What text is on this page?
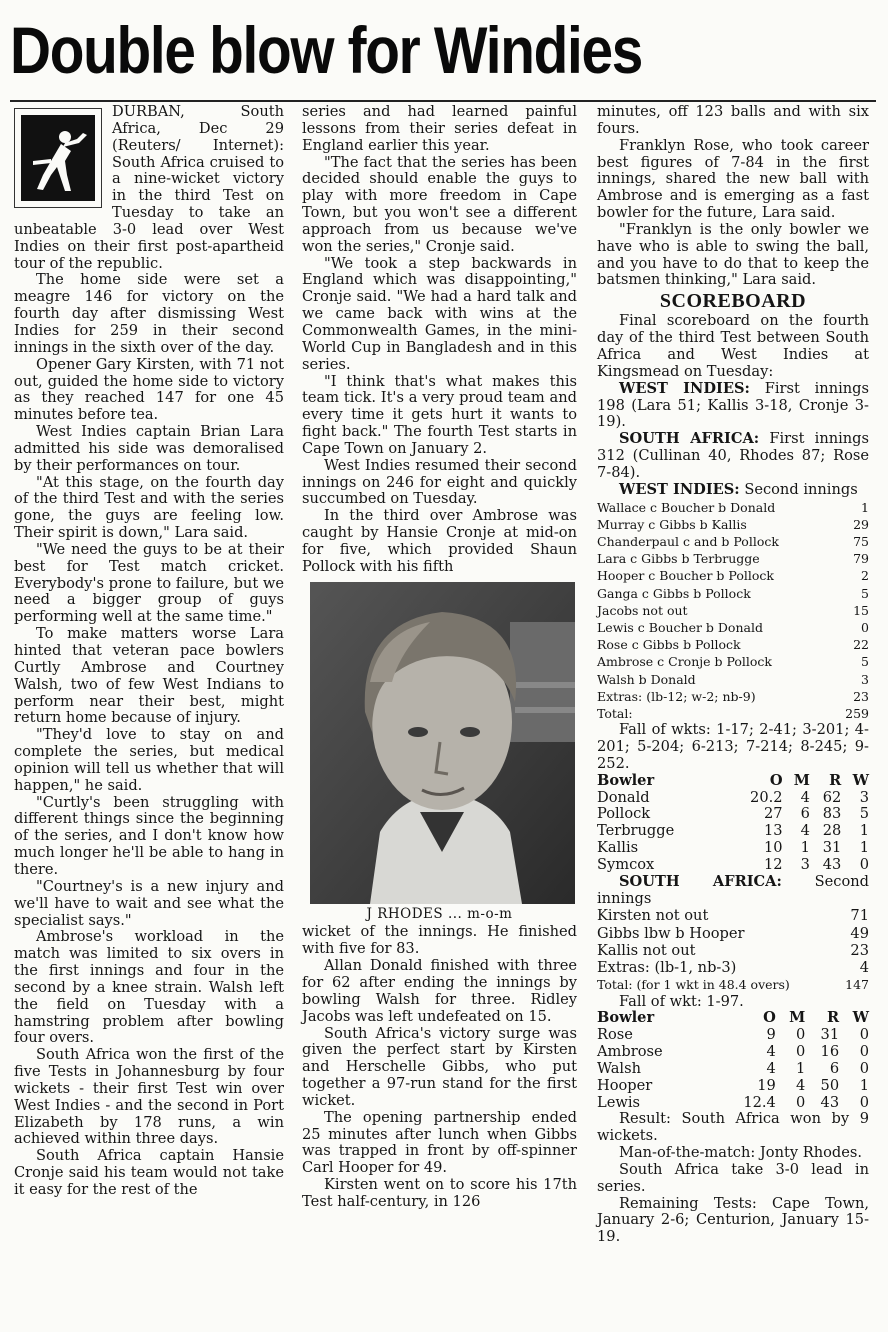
Double blow for Windies

DURBAN, South Africa, Dec 29 (Reuters/ Internet): South Africa cruised to a nine-wicket victory in the third Test on Tuesday to take an unbeatable 3-0 lead over West Indies on their first post-apartheid tour of the republic.

The home side were set a meagre 146 for victory on the fourth day after dismissing West Indies for 259 in their second innings in the sixth over of the day.

Opener Gary Kirsten, with 71 not out, guided the home side to victory as they reached 147 for one 45 minutes before tea.

West Indies captain Brian Lara admitted his side was demoralised by their performances on tour.

"At this stage, on the fourth day of the third Test and with the series gone, the guys are feeling low. Their spirit is down," Lara said.

"We need the guys to be at their best for Test match cricket. Everybody's prone to failure, but we need a bigger group of guys performing well at the same time."

To make matters worse Lara hinted that veteran pace bowlers Curtly Ambrose and Courtney Walsh, two of few West Indians to perform near their best, might return home because of injury.

"They'd love to stay on and complete the series, but medical opinion will tell us whether that will happen," he said.

"Curtly's been struggling with different things since the beginning of the series, and I don't know how much longer he'll be able to hang in there.

"Courtney's is a new injury and we'll have to wait and see what the specialist says."

Ambrose's workload in the match was limited to six overs in the first innings and four in the second by a knee strain. Walsh left the field on Tuesday with a hamstring problem after bowling four overs.

South Africa won the first of the five Tests in Johannesburg by four wickets - their first Test win over West Indies - and the second in Port Elizabeth by 178 runs, a win achieved within three days.

South Africa captain Hansie Cronje said his team would not take it easy for the rest of the

series and had learned painful lessons from their series defeat in England earlier this year.

"The fact that the series has been decided should enable the guys to play with more freedom in Cape Town, but you won't see a different approach from us because we've won the series," Cronje said.

"We took a step backwards in England which was disappointing," Cronje said. "We had a hard talk and we came back with wins at the Commonwealth Games, in the mini-World Cup in Bangladesh and in this series.

"I think that's what makes this team tick. It's a very proud team and every time it gets hurt it wants to fight back." The fourth Test starts in Cape Town on January 2.

West Indies resumed their second innings on 246 for eight and quickly succumbed on Tuesday.

In the third over Ambrose was caught by Hansie Cronje at mid-on for five, which provided Shaun Pollock with his fifth

J RHODES ... m-o-m

wicket of the innings. He finished with five for 83.

Allan Donald finished with three for 62 after ending the innings by bowling Walsh for three. Ridley Jacobs was left undefeated on 15.

South Africa's victory surge was given the perfect start by Kirsten and Herschelle Gibbs, who put together a 97-run stand for the first wicket.

The opening partnership ended 25 minutes after lunch when Gibbs was trapped in front by off-spinner Carl Hooper for 49.

Kirsten went on to score his 17th Test half-century, in 126

minutes, off 123 balls and with six fours.

Franklyn Rose, who took career best figures of 7-84 in the first innings, shared the new ball with Ambrose and is emerging as a fast bowler for the future, Lara said.

"Franklyn is the only bowler we have who is able to swing the ball, and you have to do that to keep the batsmen thinking," Lara said.

SCOREBOARD

Final scoreboard on the fourth day of the third Test between South Africa and West Indies at Kingsmead on Tuesday:

WEST INDIES: First innings 198 (Lara 51; Kallis 3-18, Cronje 3-19).

SOUTH AFRICA: First innings 312 (Cullinan 40, Rhodes 87; Rose 7-84).

WEST INDIES: Second innings

Wallace c Boucher b Donald	1
Murray c Gibbs b Kallis	29
Chanderpaul c and b Pollock	75
Lara c Gibbs b Terbrugge	79
Hooper c Boucher b Pollock	2
Ganga c Gibbs b Pollock	5
Jacobs not out	15
Lewis c Boucher b Donald	0
Rose c Gibbs b Pollock	22
Ambrose c Cronje b Pollock	5
Walsh b Donald	3
Extras: (lb-12; w-2; nb-9)	23
Total:	259

Fall of wkts: 1-17; 2-41; 3-201; 4-201; 5-204; 6-213; 7-214; 8-245; 9-252.

Bowler	O	M	R	W
Donald	20.2	4	62	3
Pollock	27	6	83	5
Terbrugge	13	4	28	1
Kallis	10	1	31	1
Symcox	12	3	43	0

SOUTH AFRICA: Second innings

Kirsten not out	71
Gibbs lbw b Hooper	49
Kallis not out	23
Extras: (lb-1, nb-3)	4
Total: (for 1 wkt in 48.4 overs)	147

Fall of wkt: 1-97.

Bowler	O	M	R	W
Rose	9	0	31	0
Ambrose	4	0	16	0
Walsh	4	1	6	0
Hooper	19	4	50	1
Lewis	12.4	0	43	0

Result: South Africa won by 9 wickets.

Man-of-the-match: Jonty Rhodes.

South Africa take 3-0 lead in series.

Remaining Tests: Cape Town, January 2-6; Centurion, January 15-19.
